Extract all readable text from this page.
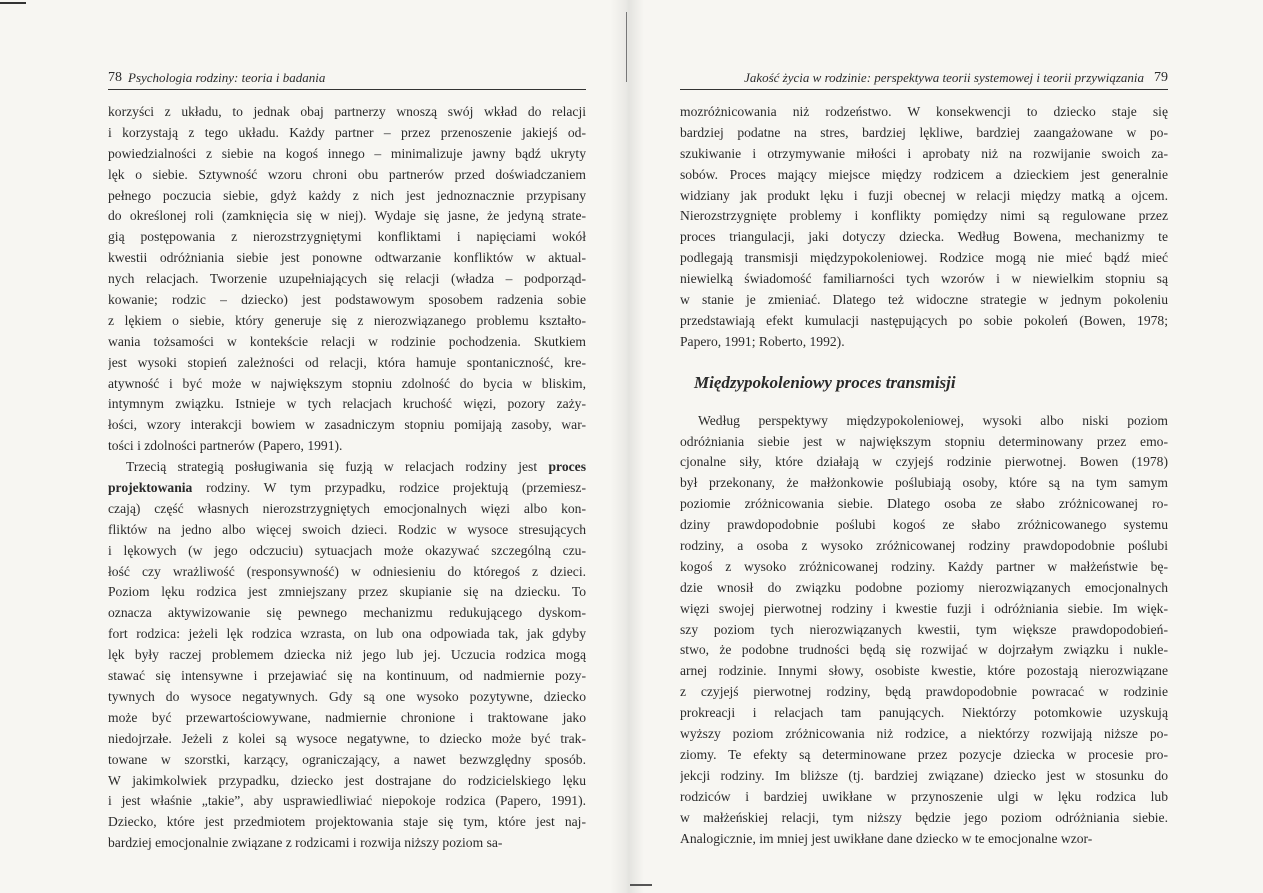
78 Psychologia rodziny: teoria i badania
korzyści z układu, to jednak obaj partnerzy wnoszą swój wkład do relacji
i korzystają z tego układu. Każdy partner – przez przenoszenie jakiejś od-
powiedzialności z siebie na kogoś innego – minimalizuje jawny bądź ukryty
lęk o siebie. Sztywność wzoru chroni obu partnerów przed doświadczaniem
pełnego poczucia siebie, gdyż każdy z nich jest jednoznacznie przypisany
do określonej roli (zamknięcia się w niej). Wydaje się jasne, że jedyną strate-
gią postępowania z nierozstrzygniętymi konfliktami i napięciami wokół
kwestii odróżniania siebie jest ponowne odtwarzanie konfliktów w aktual-
nych relacjach. Tworzenie uzupełniających się relacji (władza – podporząd-
kowanie; rodzic – dziecko) jest podstawowym sposobem radzenia sobie
z lękiem o siebie, który generuje się z nierozwiązanego problemu kształto-
wania tożsamości w kontekście relacji w rodzinie pochodzenia. Skutkiem
jest wysoki stopień zależności od relacji, która hamuje spontaniczność, kre-
atywność i być może w największym stopniu zdolność do bycia w bliskim,
intymnym związku. Istnieje w tych relacjach kruchość więzi, pozory zaży-
łości, wzory interakcji bowiem w zasadniczym stopniu pomijają zasoby, war-
tości i zdolności partnerów (Papero, 1991).
Trzecią strategią posługiwania się fuzją w relacjach rodziny jest proces
projektowania rodziny. W tym przypadku, rodzice projektują (przemiesz-
czają) część własnych nierozstrzygniętych emocjonalnych więzi albo kon-
fliktów na jedno albo więcej swoich dzieci. Rodzic w wysoce stresujących
i lękowych (w jego odczuciu) sytuacjach może okazywać szczególną czu-
łość czy wrażliwość (responsywność) w odniesieniu do któregoś z dzieci.
Poziom lęku rodzica jest zmniejszany przez skupianie się na dziecku. To
oznacza aktywizowanie się pewnego mechanizmu redukującego dyskom-
fort rodzica: jeżeli lęk rodzica wzrasta, on lub ona odpowiada tak, jak gdyby
lęk były raczej problemem dziecka niż jego lub jej. Uczucia rodzica mogą
stawać się intensywne i przejawiać się na kontinuum, od nadmiernie pozy-
tywnych do wysoce negatywnych. Gdy są one wysoko pozytywne, dziecko
może być przewartościowywane, nadmiernie chronione i traktowane jako
niedojrzałe. Jeżeli z kolei są wysoce negatywne, to dziecko może być trak-
towane w szorstki, karzący, ograniczający, a nawet bezwzględny sposób.
W jakimkolwiek przypadku, dziecko jest dostrajane do rodzicielskiego lęku
i jest właśnie „takie”, aby usprawiedliwiać niepokoje rodzica (Papero, 1991).
Dziecko, które jest przedmiotem projektowania staje się tym, które jest naj-
bardziej emocjonalnie związane z rodzicami i rozwija niższy poziom sa-
Jakość życia w rodzinie: perspektywa teorii systemowej i teorii przywiązania 79
mozróżnicowania niż rodzeństwo. W konsekwencji to dziecko staje się
bardziej podatne na stres, bardziej lękliwe, bardziej zaangażowane w po-
szukiwanie i otrzymywanie miłości i aprobaty niż na rozwijanie swoich za-
sobów. Proces mający miejsce między rodzicem a dzieckiem jest generalnie
widziany jak produkt lęku i fuzji obecnej w relacji między matką a ojcem.
Nierozstrzygnięte problemy i konflikty pomiędzy nimi są regulowane przez
proces triangulacji, jaki dotyczy dziecka. Według Bowena, mechanizmy te
podlegają transmisji międzypokoleniowej. Rodzice mogą nie mieć bądź mieć
niewielką świadomość familiarności tych wzorów i w niewielkim stopniu są
w stanie je zmieniać. Dlatego też widoczne strategie w jednym pokoleniu
przedstawiają efekt kumulacji następujących po sobie pokoleń (Bowen, 1978;
Papero, 1991; Roberto, 1992).
Międzypokoleniowy proces transmisji
Według perspektywy międzypokoleniowej, wysoki albo niski poziom
odróżniania siebie jest w największym stopniu determinowany przez emo-
cjonalne siły, które działają w czyjejś rodzinie pierwotnej. Bowen (1978)
był przekonany, że małżonkowie poślubiają osoby, które są na tym samym
poziomie zróżnicowania siebie. Dlatego osoba ze słabo zróżnicowanej ro-
dziny prawdopodobnie poślubi kogoś ze słabo zróżnicowanego systemu
rodziny, a osoba z wysoko zróżnicowanej rodziny prawdopodobnie poślubi
kogoś z wysoko zróżnicowanej rodziny. Każdy partner w małżeństwie bę-
dzie wnosił do związku podobne poziomy nierozwiązanych emocjonalnych
więzi swojej pierwotnej rodziny i kwestie fuzji i odróżniania siebie. Im więk-
szy poziom tych nierozwiązanych kwestii, tym większe prawdopodobień-
stwo, że podobne trudności będą się rozwijać w dojrzałym związku i nukle-
arnej rodzinie. Innymi słowy, osobiste kwestie, które pozostają nierozwiązane
z czyjejś pierwotnej rodziny, będą prawdopodobnie powracać w rodzinie
prokreacji i relacjach tam panujących. Niektórzy potomkowie uzyskują
wyższy poziom zróżnicowania niż rodzice, a niektórzy rozwijają niższe po-
ziomy. Te efekty są determinowane przez pozycje dziecka w procesie pro-
jekcji rodziny. Im bliższe (tj. bardziej związane) dziecko jest w stosunku do
rodziców i bardziej uwikłane w przynoszenie ulgi w lęku rodzica lub
w małżeńskiej relacji, tym niższy będzie jego poziom odróżniania siebie.
Analogicznie, im mniej jest uwikłane dane dziecko w te emocjonalne wzor-
